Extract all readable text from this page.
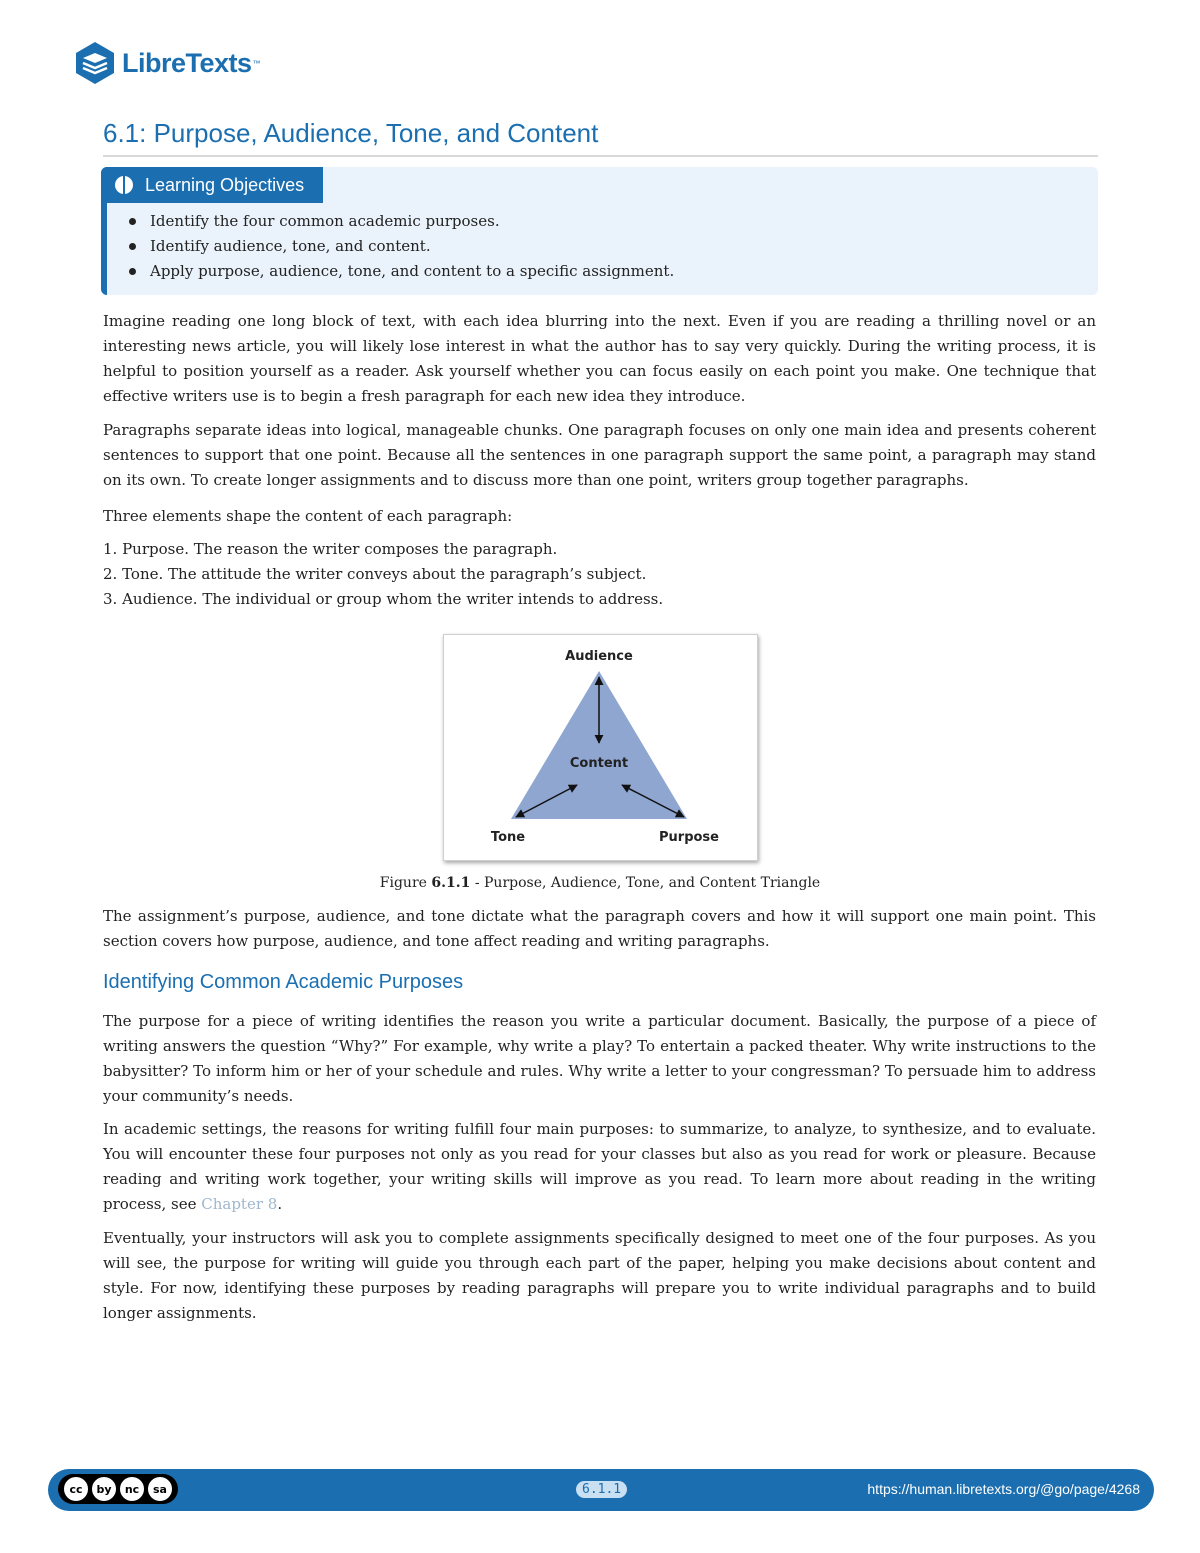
LibreTexts ™
6.1: Purpose, Audience, Tone, and Content
Learning Objectives
Identify the four common academic purposes.
Identify audience, tone, and content.
Apply purpose, audience, tone, and content to a specific assignment.

Imagine reading one long block of text, with each idea blurring into the next. Even if you are reading a thrilling novel or an interesting news article, you will likely lose interest in what the author has to say very quickly. During the writing process, it is helpful to position yourself as a reader. Ask yourself whether you can focus easily on each point you make. One technique that effective writers use is to begin a fresh paragraph for each new idea they introduce.

Paragraphs separate ideas into logical, manageable chunks. One paragraph focuses on only one main idea and presents coherent sentences to support that one point. Because all the sentences in one paragraph support the same point, a paragraph may stand on its own. To create longer assignments and to discuss more than one point, writers group together paragraphs.

Three elements shape the content of each paragraph:

1. Purpose. The reason the writer composes the paragraph.
2. Tone. The attitude the writer conveys about the paragraph’s subject.
3. Audience. The individual or group whom the writer intends to address.
Audience
Content
Tone	Purpose
Figure 6.1.1 - Purpose, Audience, Tone, and Content Triangle

The assignment’s purpose, audience, and tone dictate what the paragraph covers and how it will support one main point. This section covers how purpose, audience, and tone affect reading and writing paragraphs.

Identifying Common Academic Purposes

The purpose for a piece of writing identifies the reason you write a particular document. Basically, the purpose of a piece of writing answers the question “Why?” For example, why write a play? To entertain a packed theater. Why write instructions to the babysitter? To inform him or her of your schedule and rules. Why write a letter to your congressman? To persuade him to address your community’s needs.

In academic settings, the reasons for writing fulfill four main purposes: to summarize, to analyze, to synthesize, and to evaluate. You will encounter these four purposes not only as you read for your classes but also as you read for work or pleasure. Because reading and writing work together, your writing skills will improve as you read. To learn more about reading in the writing process, see Chapter 8.

Eventually, your instructors will ask you to complete assignments specifically designed to meet one of the four purposes. As you will see, the purpose for writing will guide you through each part of the paper, helping you make decisions about content and style. For now, identifying these purposes by reading paragraphs will prepare you to write individual paragraphs and to build longer assignments.

cc	by	nc	sa	6.1.1	https://human.libretexts.org/@go/page/4268
